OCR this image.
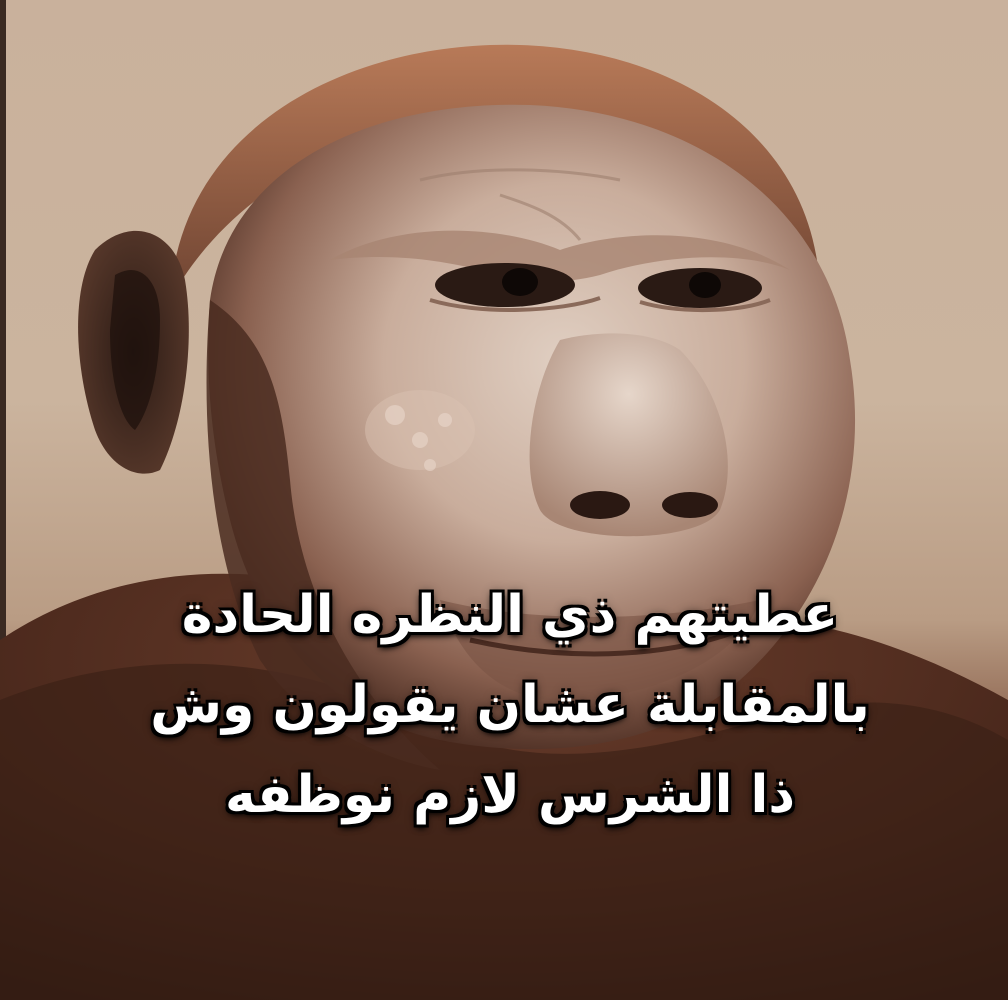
عطيتهم ذي النظره الحادة
بالمقابلة عشان يقولون وش
ذا الشرس لازم نوظفه
